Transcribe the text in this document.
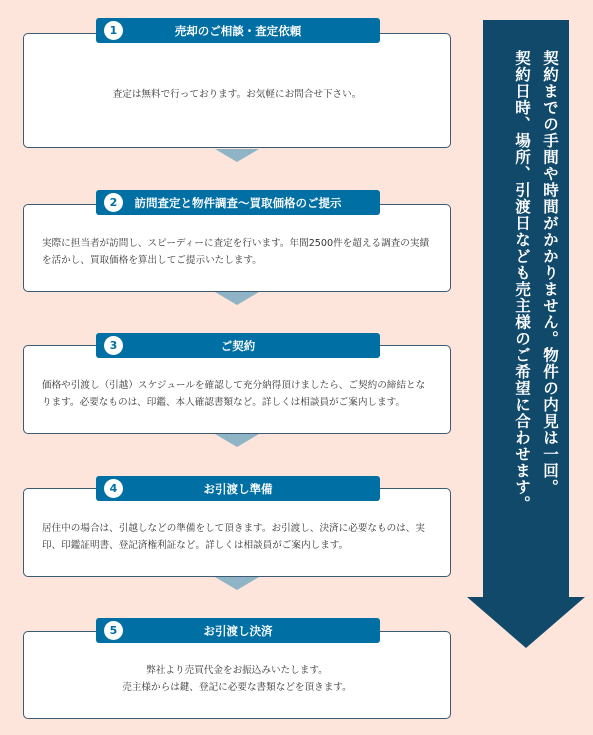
契約までの手間や時間がかかりません。物件の内見は一回。
契約日時、場所、引渡日なども売主様のご希望に合わせます。

査定は無料で行っております。お気軽にお問合せ下さい。

1	売却のご相談・査定依頼

実際に担当者が訪問し、スピーディーに査定を行います。年間2500件を超える調査の実績を活かし、買取価格を算出してご提示いたします。

2	訪問査定と物件調査〜買取価格のご提示

価格や引渡し（引越）スケジュールを確認して充分納得頂けましたら、ご契約の締結となります。必要なものは、印鑑、本人確認書類など。詳しくは相談員がご案内します。

3	ご契約

居住中の場合は、引越しなどの準備をして頂きます。お引渡し、決済に必要なものは、実印、印鑑証明書、登記済権利証など。詳しくは相談員がご案内します。

4	お引渡し準備

弊社より売買代金をお振込みいたします。
売主様からは鍵、登記に必要な書類などを頂きます。

5	お引渡し決済
